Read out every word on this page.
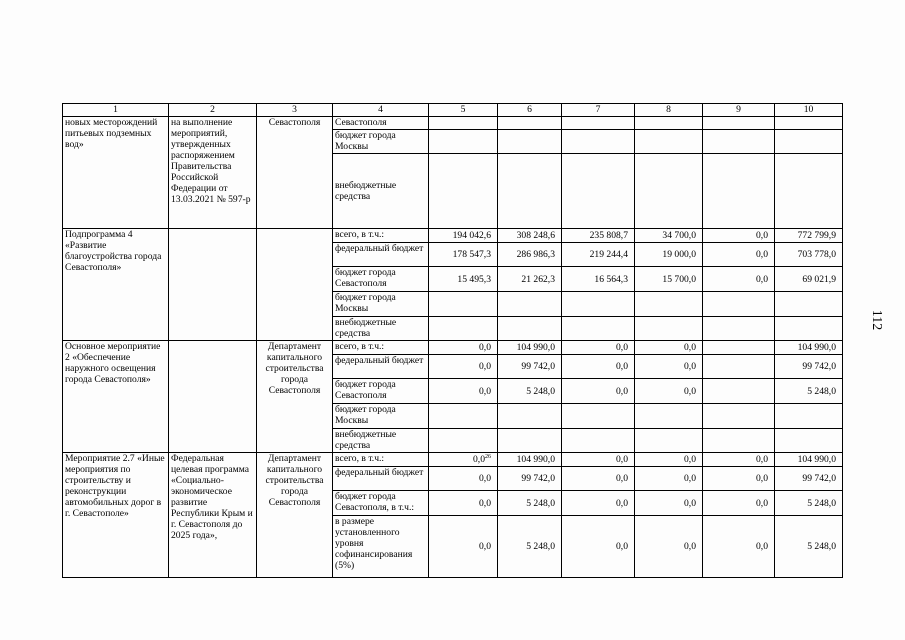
112
1	2	3	4	5	6	7	8	9	10
новых месторождений питьевых подземных вод»	на выполнение мероприятий, утвержденных распоряжением Правительства Российской Федерации от 13.03.2021 № 597-р	Севастополя	Севастополя						
			бюджет города Москвы						
			внебюджетные средства						
Подпрограмма 4 «Развитие благоустройства города Севастополя»			всего, в т.ч.:	194 042,6	308 248,6	235 808,7	34 700,0	0,0	772 799,9
			федеральный бюджет	178 547,3	286 986,3	219 244,4	19 000,0	0,0	703 778,0
			бюджет города Севастополя	15 495,3	21 262,3	16 564,3	15 700,0	0,0	69 021,9
			бюджет города Москвы						
			внебюджетные средства						
Основное мероприятие 2 «Обеспечение наружного освещения города Севастополя»		Департамент капитального строительства города Севастополя	всего, в т.ч.:	0,0	104 990,0	0,0	0,0		104 990,0
			федеральный бюджет	0,0	99 742,0	0,0	0,0		99 742,0
			бюджет города Севастополя	0,0	5 248,0	0,0	0,0		5 248,0
			бюджет города Москвы						
			внебюджетные средства						
Мероприятие 2.7 «Иные мероприятия по строительству и реконструкции автомобильных дорог в г. Севастополе»	Федеральная целевая программа «Социально-экономическое развитие Республики Крым и г. Севастополя до 2025 года»,	Департамент капитального строительства города Севастополя	всего, в т.ч.:	$0,0^{26}$	104 990,0	0,0	0,0	0,0	104 990,0
			федеральный бюджет	0,0	99 742,0	0,0	0,0	0,0	99 742,0
			бюджет города Севастополя, в т.ч.:	0,0	5 248,0	0,0	0,0	0,0	5 248,0
			в размере установленного уровня софинансирования (5%)	0,0	5 248,0	0,0	0,0	0,0	5 248,0
